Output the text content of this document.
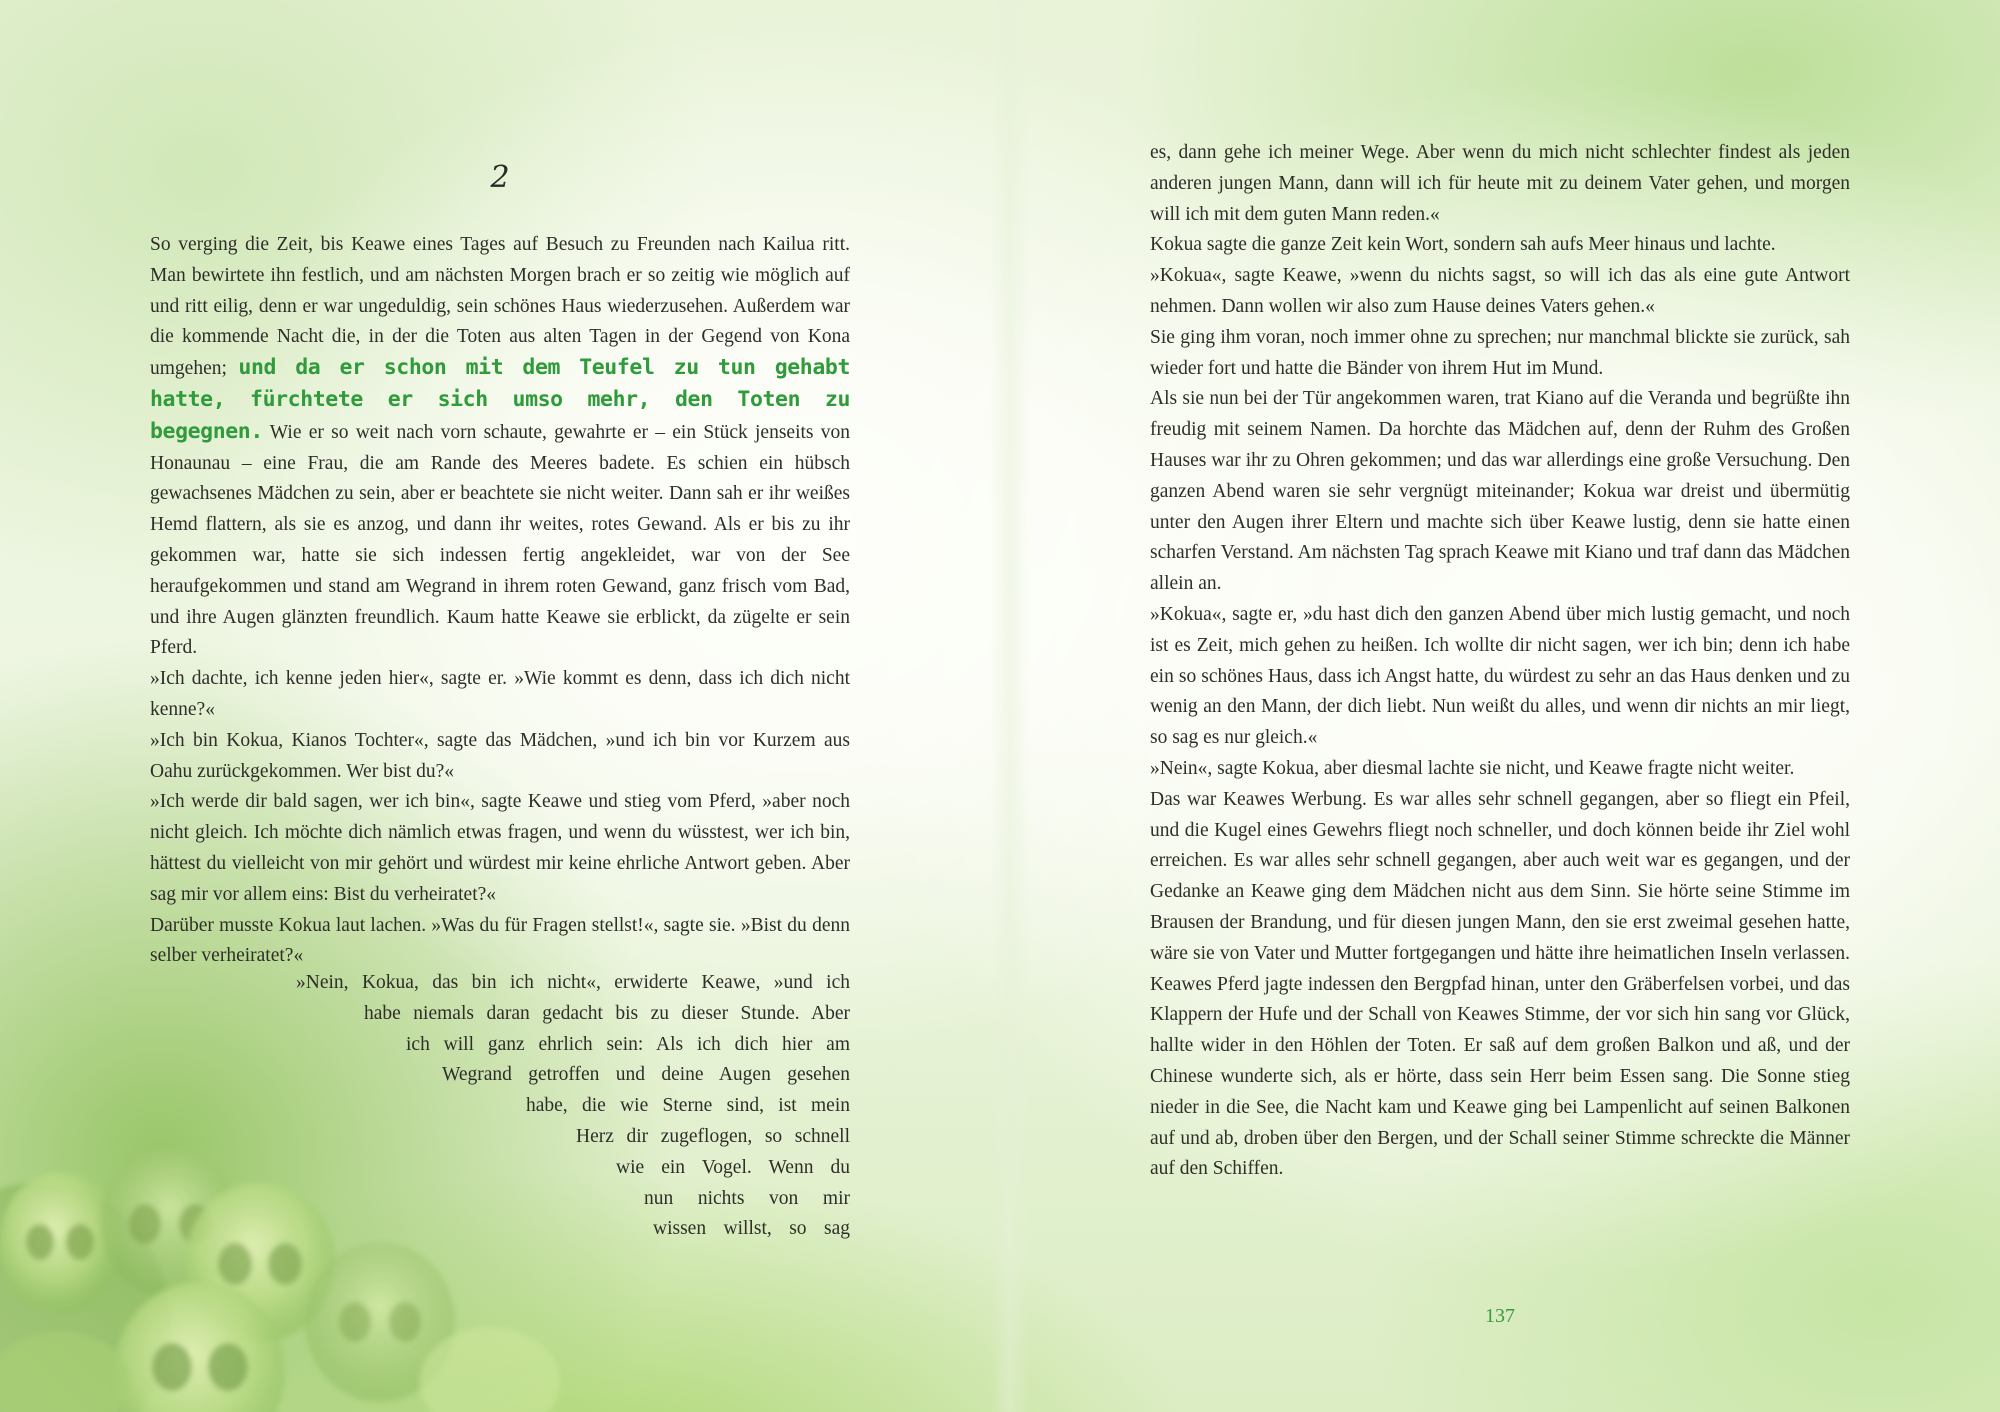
2

So verging die Zeit, bis Keawe eines Tages auf Besuch zu Freunden nach Kailua ritt. Man bewirtete ihn festlich, und am nächsten Morgen brach er so zeitig wie möglich auf und ritt eilig, denn er war ungeduldig, sein schönes Haus wiederzusehen. Außerdem war die kommende Nacht die, in der die Toten aus alten Tagen in der Gegend von Kona umgehen; und da er schon mit dem Teufel zu tun gehabt hatte, fürchtete er sich umso mehr, den Toten zu begegnen. Wie er so weit nach vorn schaute, gewahrte er – ein Stück jenseits von Honaunau – eine Frau, die am Rande des Meeres badete. Es schien ein hübsch gewachsenes Mädchen zu sein, aber er beachtete sie nicht weiter. Dann sah er ihr weißes Hemd flattern, als sie es anzog, und dann ihr weites, rotes Gewand. Als er bis zu ihr gekommen war, hatte sie sich indessen fertig angekleidet, war von der See heraufgekommen und stand am Wegrand in ihrem roten Gewand, ganz frisch vom Bad, und ihre Augen glänzten freundlich. Kaum hatte Keawe sie erblickt, da zügelte er sein Pferd.

»Ich dachte, ich kenne jeden hier«, sagte er. »Wie kommt es denn, dass ich dich nicht kenne?«

»Ich bin Kokua, Kianos Tochter«, sagte das Mädchen, »und ich bin vor Kurzem aus Oahu zurückgekommen. Wer bist du?«

»Ich werde dir bald sagen, wer ich bin«, sagte Keawe und stieg vom Pferd, »aber noch nicht gleich. Ich möchte dich nämlich etwas fragen, und wenn du wüsstest, wer ich bin, hättest du vielleicht von mir gehört und würdest mir keine ehrliche Antwort geben. Aber sag mir vor allem eins: Bist du verheiratet?«

Darüber musste Kokua laut lachen. »Was du für Fragen stellst!«, sagte sie. »Bist du denn selber verheiratet?«

»Nein, Kokua, das bin ich nicht«, erwiderte Keawe, »und ich
habe niemals daran gedacht bis zu dieser Stunde. Aber
ich will ganz ehrlich sein: Als ich dich hier am
Wegrand getroffen und deine Augen gesehen
habe, die wie Sterne sind, ist mein
Herz dir zugeflogen, so schnell
wie ein Vogel. Wenn du
nun nichts von mir
wissen willst, so sag

es, dann gehe ich meiner Wege. Aber wenn du mich nicht schlechter findest als jeden anderen jungen Mann, dann will ich für heute mit zu deinem Vater gehen, und morgen will ich mit dem guten Mann reden.«

Kokua sagte die ganze Zeit kein Wort, sondern sah aufs Meer hinaus und lachte.

»Kokua«, sagte Keawe, »wenn du nichts sagst, so will ich das als eine gute Antwort nehmen. Dann wollen wir also zum Hause deines Vaters gehen.«

Sie ging ihm voran, noch immer ohne zu sprechen; nur manchmal blickte sie zurück, sah wieder fort und hatte die Bänder von ihrem Hut im Mund.

Als sie nun bei der Tür angekommen waren, trat Kiano auf die Veranda und begrüßte ihn freudig mit seinem Namen. Da horchte das Mädchen auf, denn der Ruhm des Großen Hauses war ihr zu Ohren gekommen; und das war allerdings eine große Versuchung. Den ganzen Abend waren sie sehr vergnügt miteinander; Kokua war dreist und übermütig unter den Augen ihrer Eltern und machte sich über Keawe lustig, denn sie hatte einen scharfen Verstand. Am nächsten Tag sprach Keawe mit Kiano und traf dann das Mädchen allein an.

»Kokua«, sagte er, »du hast dich den ganzen Abend über mich lustig gemacht, und noch ist es Zeit, mich gehen zu heißen. Ich wollte dir nicht sagen, wer ich bin; denn ich habe ein so schönes Haus, dass ich Angst hatte, du würdest zu sehr an das Haus denken und zu wenig an den Mann, der dich liebt. Nun weißt du alles, und wenn dir nichts an mir liegt, so sag es nur gleich.«

»Nein«, sagte Kokua, aber diesmal lachte sie nicht, und Keawe fragte nicht weiter.

Das war Keawes Werbung. Es war alles sehr schnell gegangen, aber so fliegt ein Pfeil, und die Kugel eines Gewehrs fliegt noch schneller, und doch können beide ihr Ziel wohl erreichen. Es war alles sehr schnell gegangen, aber auch weit war es gegangen, und der Gedanke an Keawe ging dem Mädchen nicht aus dem Sinn. Sie hörte seine Stimme im Brausen der Brandung, und für diesen jungen Mann, den sie erst zweimal gesehen hatte, wäre sie von Vater und Mutter fortgegangen und hätte ihre heimatlichen Inseln verlassen. Keawes Pferd jagte indessen den Bergpfad hinan, unter den Gräberfelsen vorbei, und das Klappern der Hufe und der Schall von Keawes Stimme, der vor sich hin sang vor Glück, hallte wider in den Höhlen der Toten. Er saß auf dem großen Balkon und aß, und der Chinese wunderte sich, als er hörte, dass sein Herr beim Essen sang. Die Sonne stieg nieder in die See, die Nacht kam und Keawe ging bei Lampenlicht auf seinen Balkonen auf und ab, droben über den Bergen, und der Schall seiner Stimme schreckte die Männer auf den Schiffen.

137
